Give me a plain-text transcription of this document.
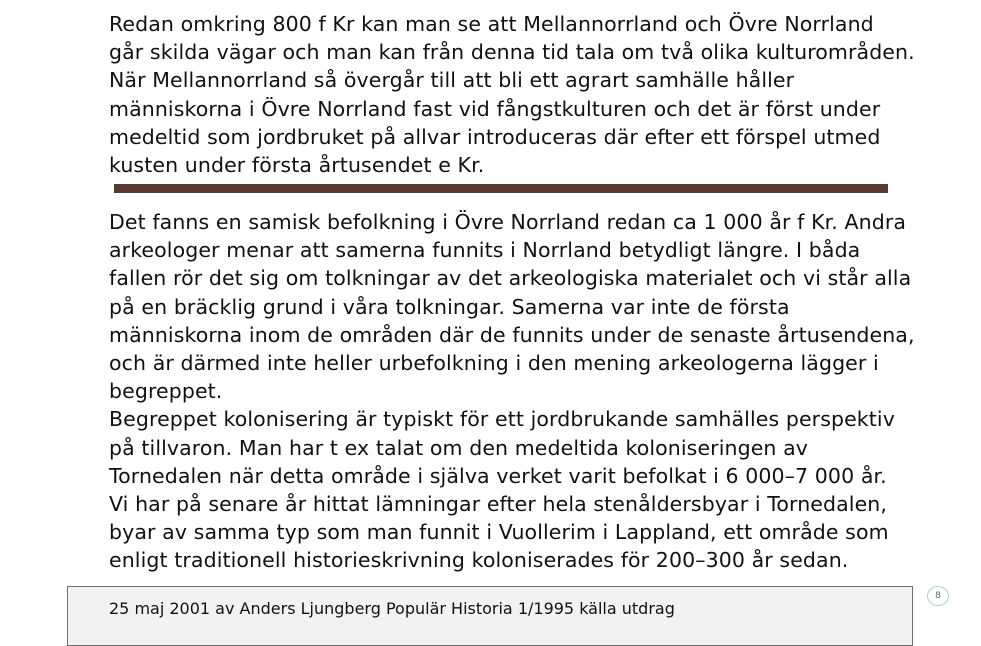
Redan omkring 800 f Kr kan man se att Mellannorrland och Övre Norrland
går skilda vägar och man kan från denna tid tala om två olika kulturområden.
När Mellannorrland så övergår till att bli ett agrart samhälle håller
människorna i Övre Norrland fast vid fångstkulturen och det är först under
medeltid som jordbruket på allvar introduceras där efter ett förspel utmed
kusten under första årtusendet e Kr.
Det fanns en samisk befolkning i Övre Norrland redan ca 1 000 år f Kr. Andra
arkeologer menar att samerna funnits i Norrland betydligt längre. I båda
fallen rör det sig om tolkningar av det arkeologiska materialet och vi står alla
på en bräcklig grund i våra tolkningar. Samerna var inte de första
människorna inom de områden där de funnits under de senaste årtusendena,
och är därmed inte heller urbefolkning i den mening arkeologerna lägger i
begreppet.
Begreppet kolonisering är typiskt för ett jordbrukande samhälles perspektiv
på tillvaron. Man har t ex talat om den medeltida koloniseringen av
Tornedalen när detta område i själva verket varit befolkat i 6 000–7 000 år.
Vi har på senare år hittat lämningar efter hela stenåldersbyar i Tornedalen,
byar av samma typ som man funnit i Vuollerim i Lappland, ett område som
enligt traditionell historieskrivning koloniserades för 200–300 år sedan.
25 maj 2001 av Anders Ljungberg Populär Historia 1/1995 källa utdrag
8
